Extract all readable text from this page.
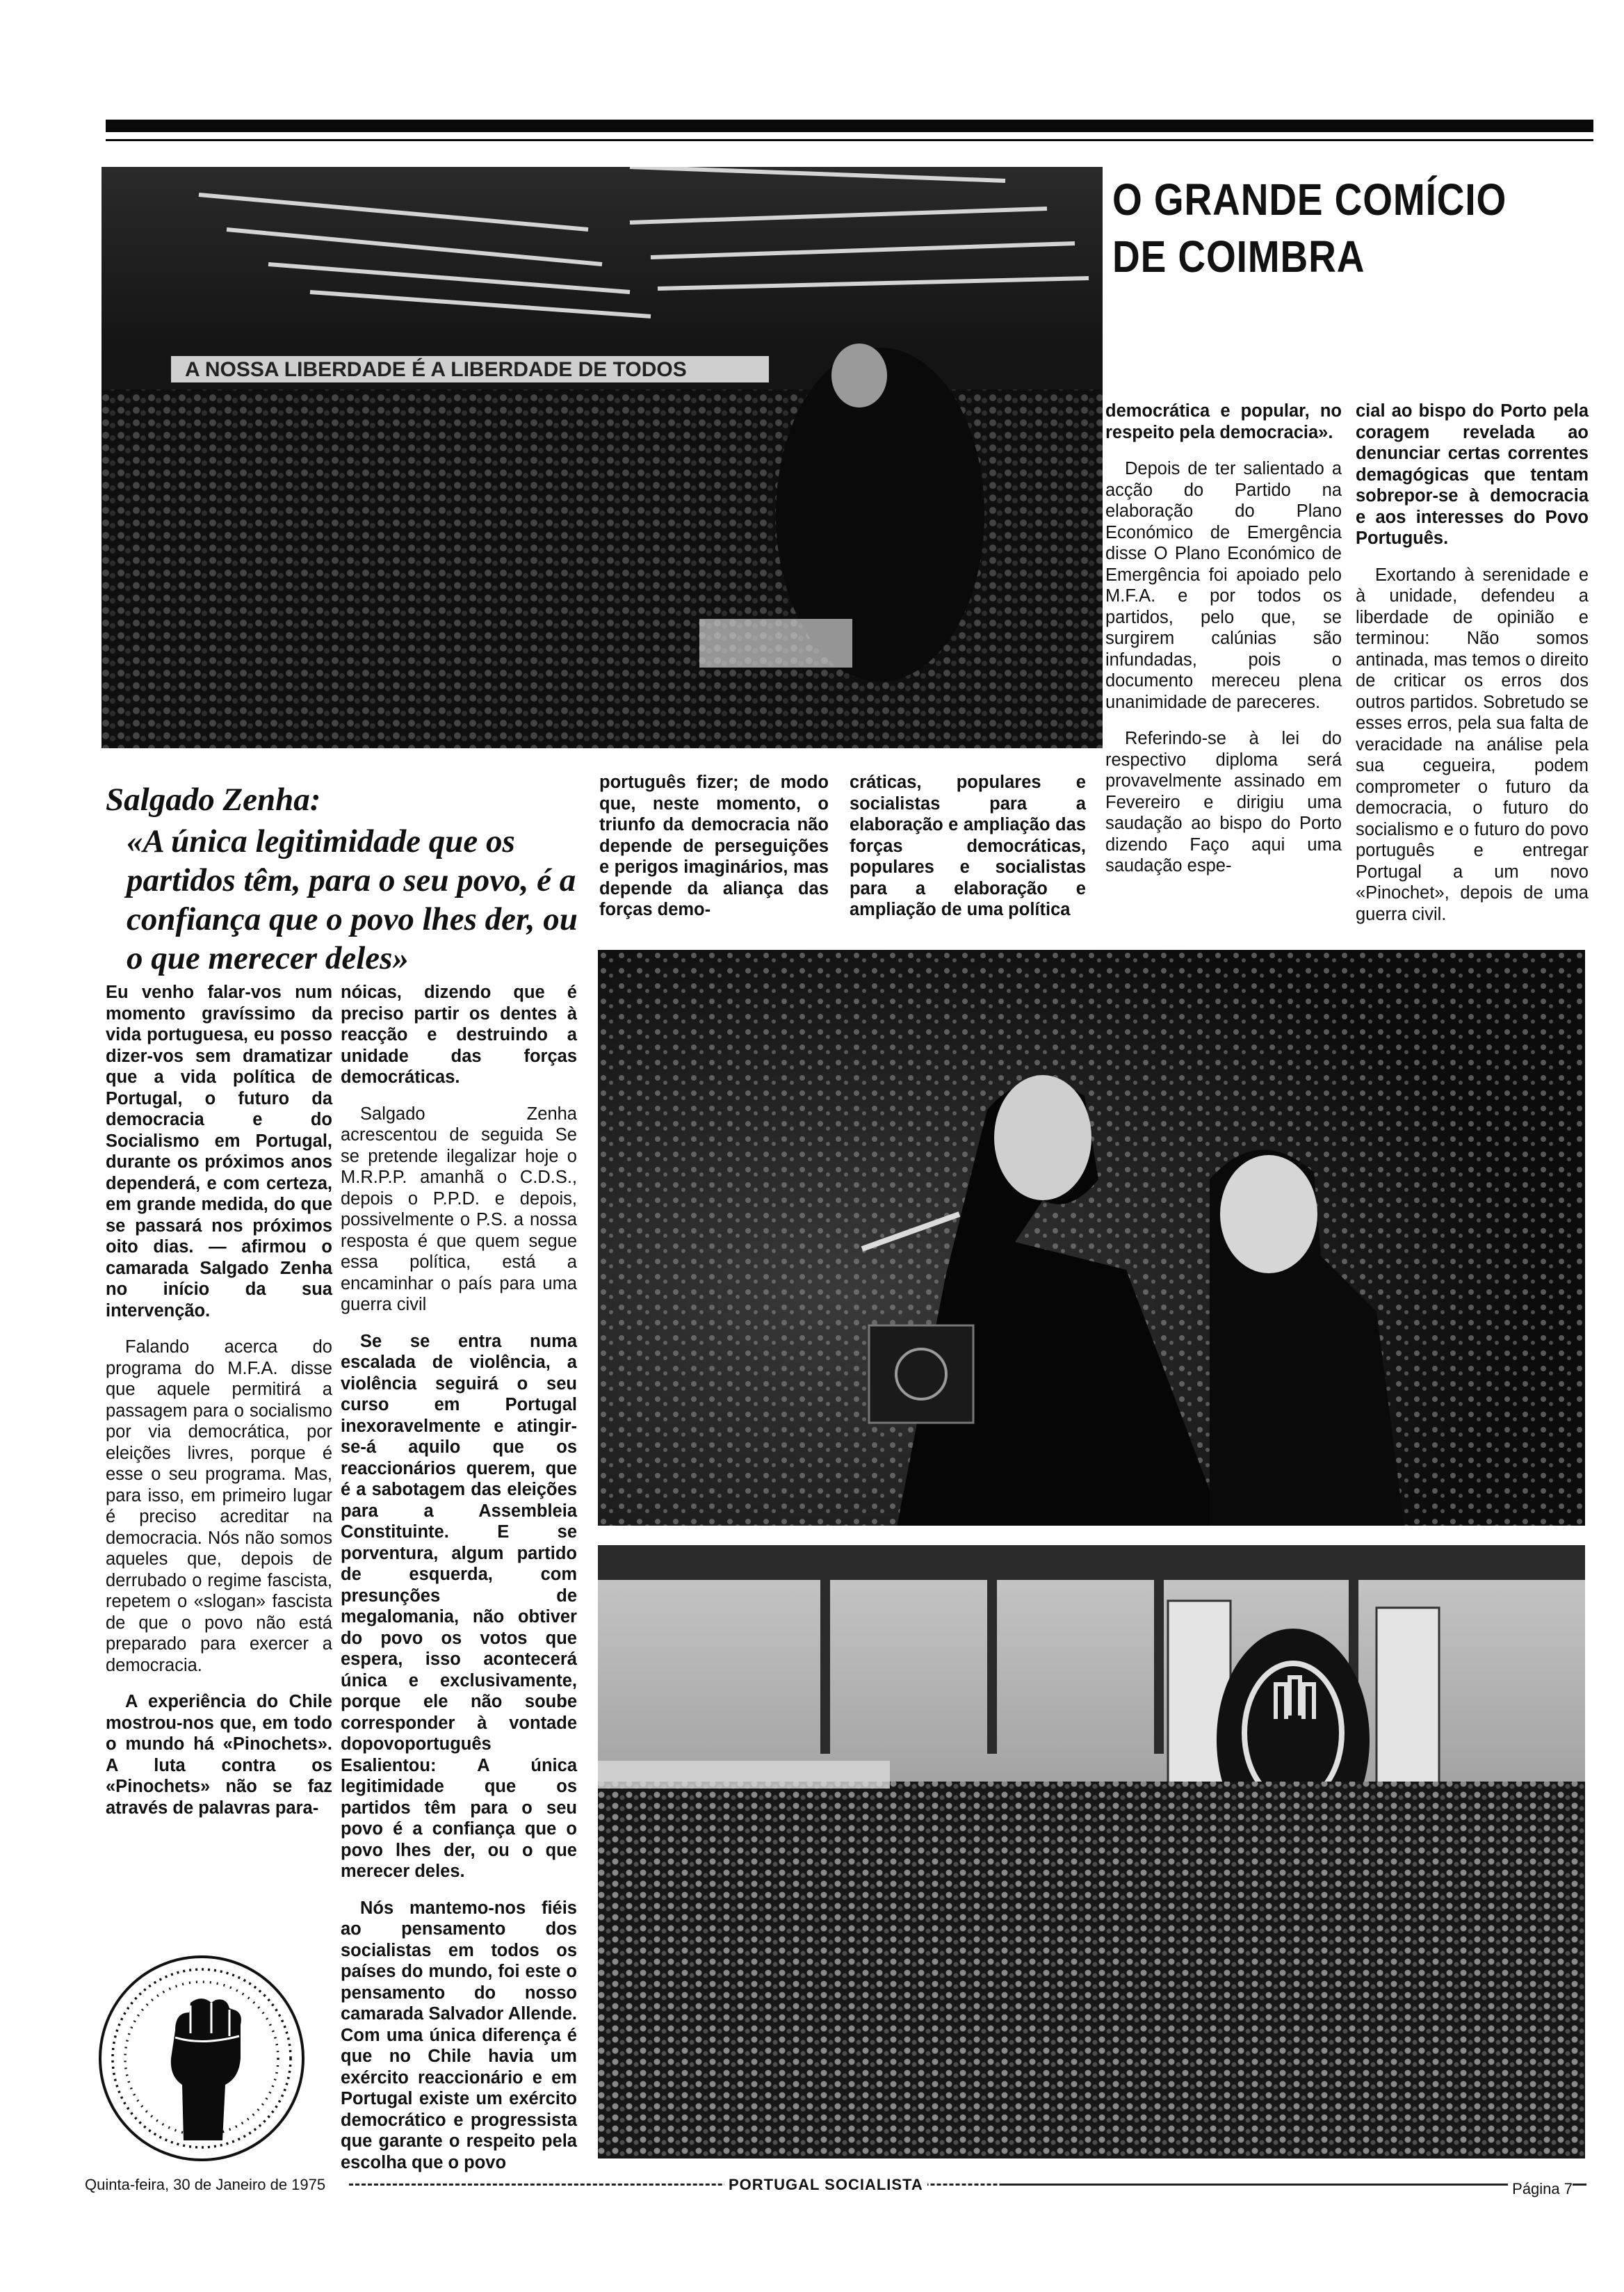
A NOSSA LIBERDADE É A LIBERDADE DE TODOS
O GRANDE COMÍCIO
DE COIMBRA

democrática e popular, no respeito pela democracia».

Depois de ter salientado a acção do Partido na elaboração do Plano Económico de Emergência disse O Plano Económico de Emergência foi apoiado pelo M.F.A. e por todos os partidos, pelo que, se surgirem calúnias são infundadas, pois o documento mereceu plena unanimidade de pareceres.

Referindo-se à lei do respectivo diploma será provavelmente assinado em Fevereiro e dirigiu uma saudação ao bispo do Porto dizendo Faço aqui uma saudação espe-

cial ao bispo do Porto pela coragem revelada ao denunciar certas correntes demagógicas que tentam sobrepor-se à democracia e aos interesses do Povo Português.

Exortando à serenidade e à unidade, defendeu a liberdade de opinião e terminou: Não somos antinada, mas temos o direito de criticar os erros dos outros partidos. Sobretudo se esses erros, pela sua falta de veracidade na análise pela sua cegueira, podem comprometer o futuro da democracia, o futuro do socialismo e o futuro do povo português e entregar Portugal a um novo «Pinochet», depois de uma guerra civil.

Salgado Zenha:
«A única legitimidade que os partidos têm, para o seu povo, é a confiança que o povo lhes der, ou o que merecer deles»

português fizer; de modo que, neste momento, o triunfo da democracia não depende de perseguições e perigos imaginários, mas depende da aliança das forças demo-

cráticas, populares e socialistas para a elaboração e ampliação das forças democráticas, populares e socialistas para a elaboração e ampliação de uma política

Eu venho falar-vos num momento gravíssimo da vida portuguesa, eu posso dizer-vos sem dramatizar que a vida política de Portugal, o futuro da democracia e do Socialismo em Portugal, durante os próximos anos dependerá, e com certeza, em grande medida, do que se passará nos próximos oito dias. — afirmou o camarada Salgado Zenha no início da sua intervenção.

Falando acerca do programa do M.F.A. disse que aquele permitirá a passagem para o socialismo por via democrática, por eleições livres, porque é esse o seu programa. Mas, para isso, em primeiro lugar é preciso acreditar na democracia. Nós não somos aqueles que, depois de derrubado o regime fascista, repetem o «slogan» fascista de que o povo não está preparado para exercer a democracia.

A experiência do Chile mostrou-nos que, em todo o mundo há «Pinochets». A luta contra os «Pinochets» não se faz através de palavras para-

nóicas, dizendo que é preciso partir os dentes à reacção e destruindo a unidade das forças democráticas.

Salgado Zenha acrescentou de seguida Se se pretende ilegalizar hoje o M.R.P.P. amanhã o C.D.S., depois o P.P.D. e depois, possivelmente o P.S. a nossa resposta é que quem segue essa política, está a encaminhar o país para uma guerra civil

Se se entra numa escalada de violência, a violência seguirá o seu curso em Portugal inexoravelmente e atingir-se-á aquilo que os reaccionários querem, que é a sabotagem das eleições para a Assembleia Constituinte. E se porventura, algum partido de esquerda, com presunções de megalomania, não obtiver do povo os votos que espera, isso acontecerá única e exclusivamente, porque ele não soube corresponder à vontade dopovoportuguês Esalientou: A única legitimidade que os partidos têm para o seu povo é a confiança que o povo lhes der, ou o que merecer deles.

Nós mantemo-nos fiéis ao pensamento dos socialistas em todos os países do mundo, foi este o pensamento do nosso camarada Salvador Allende. Com uma única diferença é que no Chile havia um exército reaccionário e em Portugal existe um exército democrático e progressista que garante o respeito pela escolha que o povo

Quinta-feira, 30 de Janeiro de 1975	PORTUGAL SOCIALISTA	Página 7
